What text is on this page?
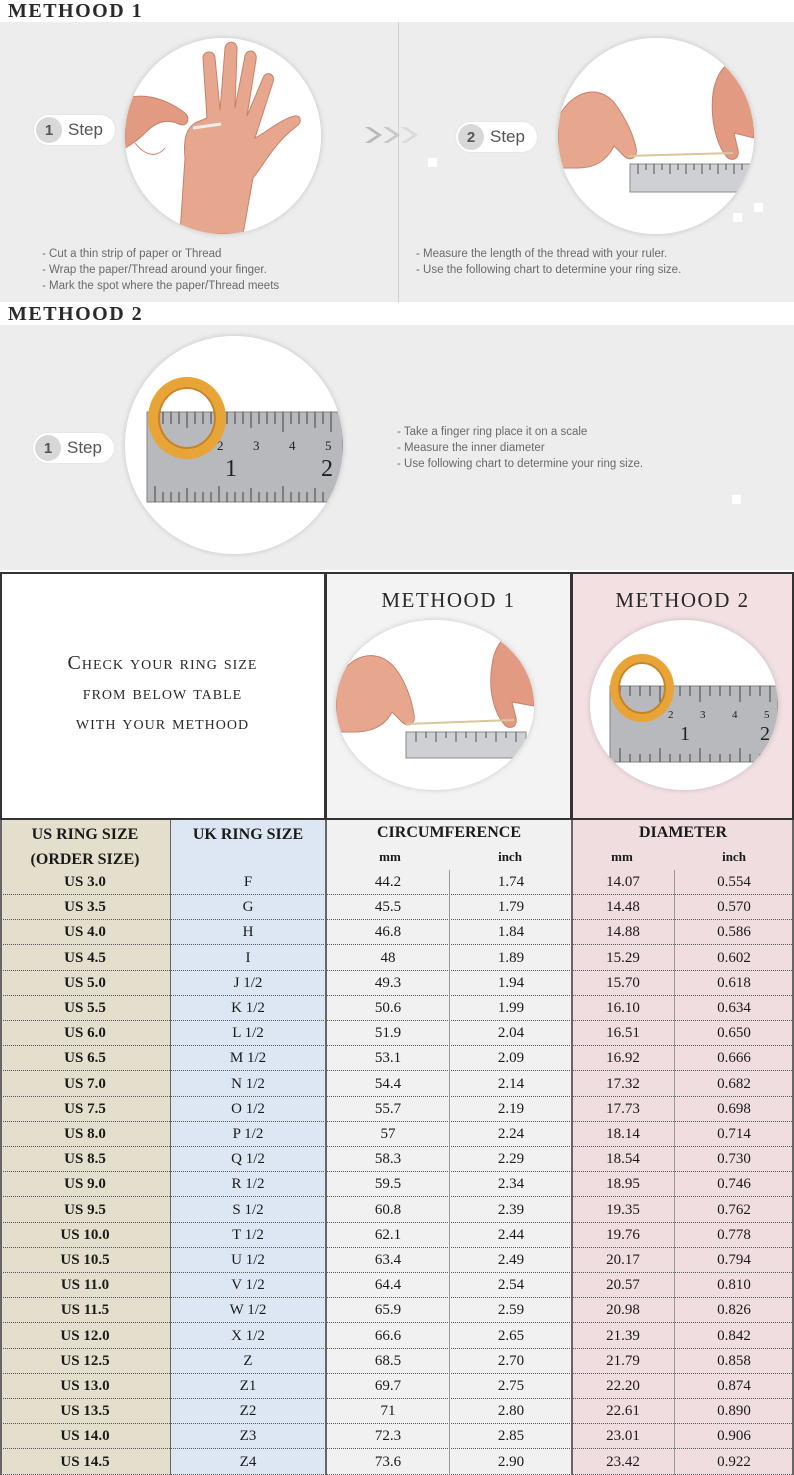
METHOOD 1
1 Step	2 Step
- Cut a thin strip of paper or Thread
- Wrap the paper/Thread around your finger.
- Mark the spot where the paper/Thread meets
- Measure the length of the thread with your ruler.
- Use the following chart to determine your ring size.
METHOOD 2
2 3 4 5
1	2
1 Step
- Take a finger ring place it on a scale
- Measure the inner diameter
- Use following chart to determine your ring size.
Check your ring size
from below table
with your methood
METHOOD 1	METHOOD 2
2 3 4 5
1	2
US 3.0	F	44.2	1.74	14.07	0.554
US 3.5	G	45.5	1.79	14.48	0.570
US 4.0	H	46.8	1.84	14.88	0.586
US 4.5	I	48	1.89	15.29	0.602
US 5.0	J 1/2	49.3	1.94	15.70	0.618
US 5.5	K 1/2	50.6	1.99	16.10	0.634
US 6.0	L 1/2	51.9	2.04	16.51	0.650
US 6.5	M 1/2	53.1	2.09	16.92	0.666
US 7.0	N 1/2	54.4	2.14	17.32	0.682
US 7.5	O 1/2	55.7	2.19	17.73	0.698
US 8.0	P 1/2	57	2.24	18.14	0.714
US 8.5	Q 1/2	58.3	2.29	18.54	0.730
US 9.0	R 1/2	59.5	2.34	18.95	0.746
US 9.5	S 1/2	60.8	2.39	19.35	0.762
US 10.0	T 1/2	62.1	2.44	19.76	0.778
US 10.5	U 1/2	63.4	2.49	20.17	0.794
US 11.0	V 1/2	64.4	2.54	20.57	0.810
US 11.5	W 1/2	65.9	2.59	20.98	0.826
US 12.0	X 1/2	66.6	2.65	21.39	0.842
US 12.5	Z	68.5	2.70	21.79	0.858
US 13.0	Z1	69.7	2.75	22.20	0.874
US 13.5	Z2	71	2.80	22.61	0.890
US 14.0	Z3	72.3	2.85	23.01	0.906
US 14.5	Z4	73.6	2.90	23.42	0.922
US RING SIZE
(ORDER SIZE)
UK RING SIZE	CIRCUMFERENCE	DIAMETER
mm	inch	mm	inch
